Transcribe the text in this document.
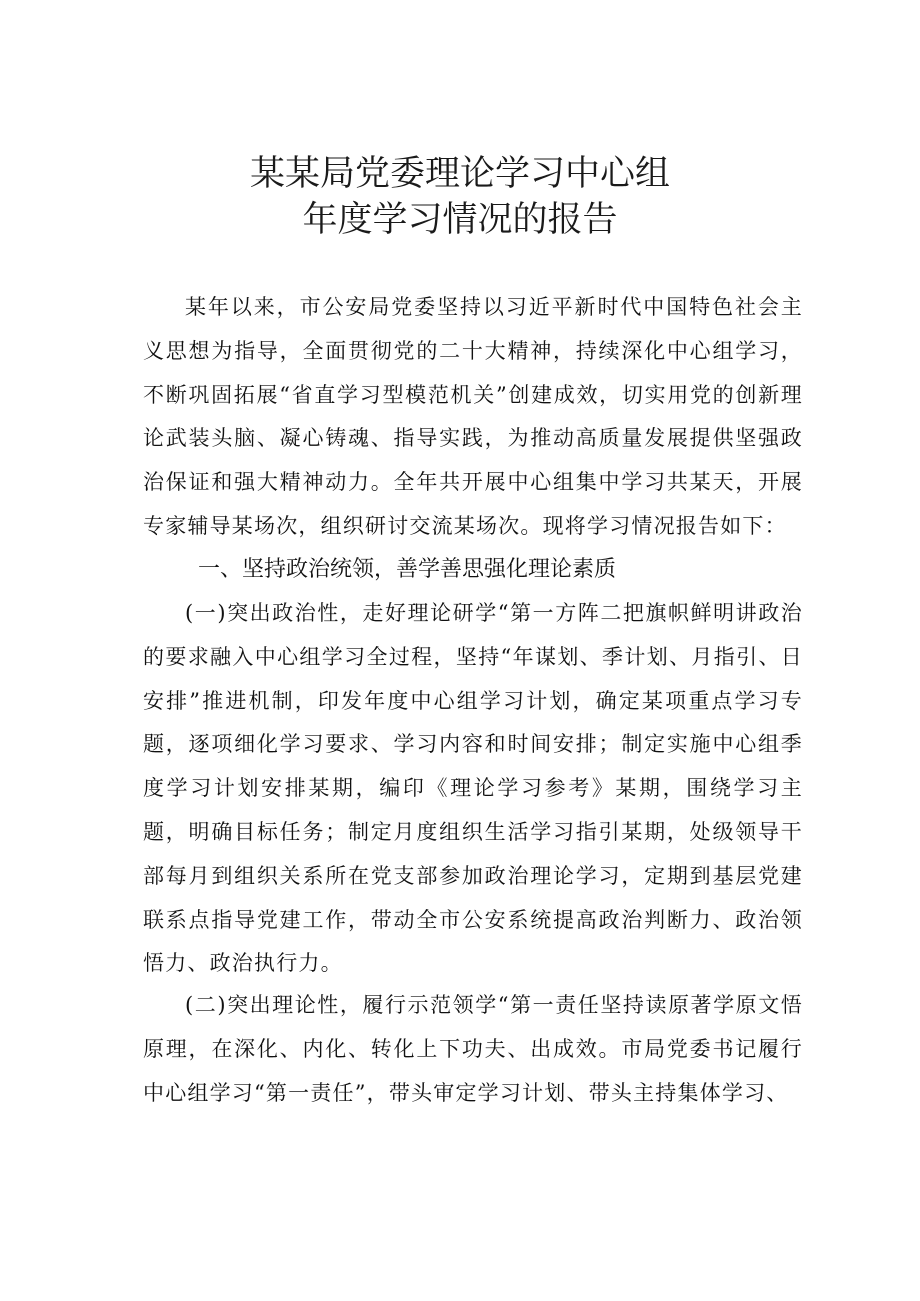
某某局党委理论学习中心组
年度学习情况的报告

某年以来，市公安局党委坚持以习近平新时代中国特色社会主义思想为指导，全面贯彻党的二十大精神，持续深化中心组学习，不断巩固拓展“省直学习型模范机关”创建成效，切实用党的创新理论武装头脑、凝心铸魂、指导实践，为推动高质量发展提供坚强政治保证和强大精神动力。全年共开展中心组集中学习共某天，开展专家辅导某场次，组织研讨交流某场次。现将学习情况报告如下：

一、坚持政治统领，善学善思强化理论素质

(一)突出政治性，走好理论研学“第一方阵二把旗帜鲜明讲政治的要求融入中心组学习全过程，坚持“年谋划、季计划、月指引、日安排”推进机制，印发年度中心组学习计划，确定某项重点学习专题，逐项细化学习要求、学习内容和时间安排；制定实施中心组季度学习计划安排某期，编印《理论学习参考》某期，围绕学习主题，明确目标任务；制定月度组织生活学习指引某期，处级领导干部每月到组织关系所在党支部参加政治理论学习，定期到基层党建联系点指导党建工作，带动全市公安系统提高政治判断力、政治领悟力、政治执行力。

(二)突出理论性，履行示范领学“第一责任坚持读原著学原文悟原理，在深化、内化、转化上下功夫、出成效。市局党委书记履行中心组学习“第一责任”，带头审定学习计划、带头主持集体学习、
